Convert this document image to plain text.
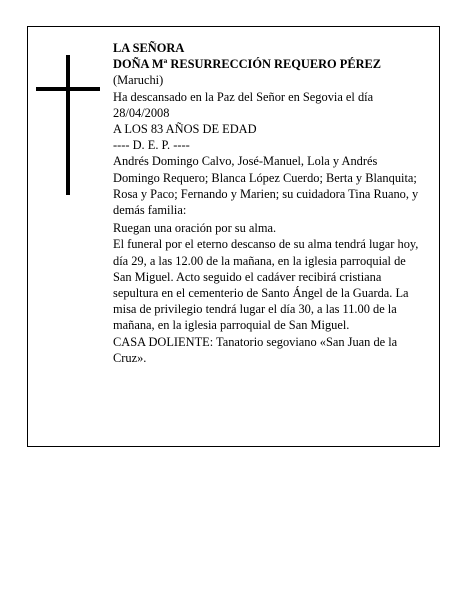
LA SEÑORA

DOÑA Mª RESURRECCIÓN REQUERO PÉREZ

(Maruchi)

Ha descansado en la Paz del Señor en Segovia el día 28/04/2008

A LOS 83 AÑOS DE EDAD

---- D. E. P. ----

Andrés Domingo Calvo, José-Manuel, Lola y Andrés Domingo Requero; Blanca López Cuerdo; Berta y Blanquita; Rosa y Paco; Fernando y Marien; su cuidadora Tina Ruano, y demás familia:

Ruegan una oración por su alma.

El funeral por el eterno descanso de su alma tendrá lugar hoy, día 29, a las 12.00 de la mañana, en la iglesia parroquial de San Miguel. Acto seguido el cadáver recibirá cristiana sepultura en el cementerio de Santo Ángel de la Guarda. La misa de privilegio tendrá lugar el día 30, a las 11.00 de la mañana, en la iglesia parroquial de San Miguel.

CASA DOLIENTE: Tanatorio segoviano «San Juan de la Cruz».
